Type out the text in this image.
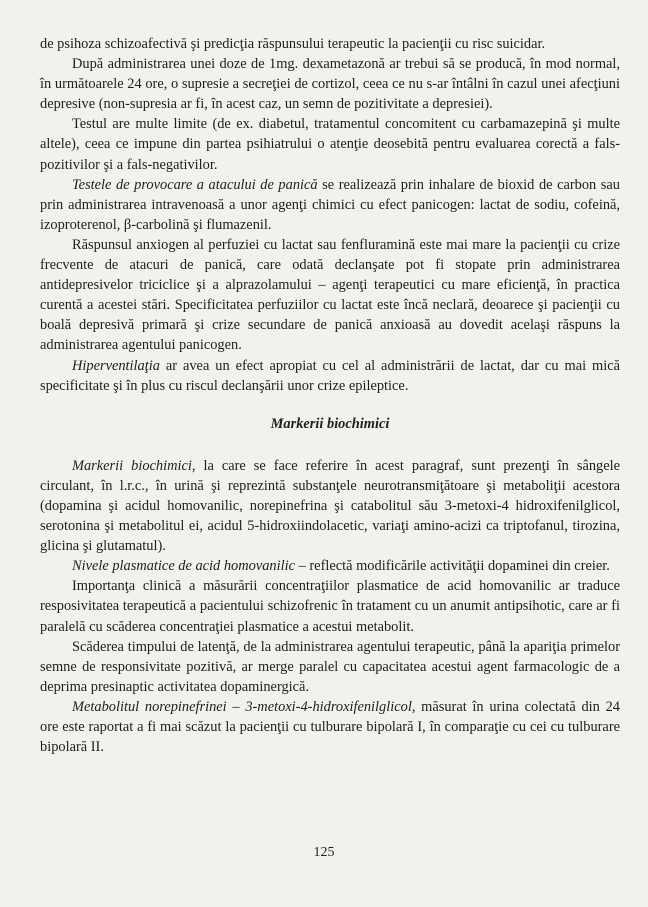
de psihoza schizoafectivă şi predicţia răspunsului terapeutic la pacienţii cu risc suicidar.

După administrarea unei doze de 1mg. dexametazonă ar trebui să se producă, în mod normal, în următoarele 24 ore, o supresie a secreţiei de cortizol, ceea ce nu s-ar întâlni în cazul unei afecţiuni depresive (non-supresia ar fi, în acest caz, un semn de pozitivitate a depresiei).

Testul are multe limite (de ex. diabetul, tratamentul concomitent cu carbamazepină şi multe altele), ceea ce impune din partea psihiatrului o atenţie deosebită pentru evaluarea corectă a fals-pozitivilor şi a fals-negativilor.

Testele de provocare a atacului de panică se realizează prin inhalare de bioxid de carbon sau prin administrarea intravenoasă a unor agenţi chimici cu efect panicogen: lactat de sodiu, cofeină, izoproterenol, β-carbolină şi flumazenil.

Răspunsul anxiogen al perfuziei cu lactat sau fenfluramină este mai mare la pacienţii cu crize frecvente de atacuri de panică, care odată declanşate pot fi stopate prin administrarea antidepresivelor triciclice şi a alprazolamului – agenţi terapeutici cu mare eficienţă, în practica curentă a acestei stări. Specificitatea perfuziilor cu lactat este încă neclară, deoarece şi pacienţii cu boală depresivă primară şi crize secundare de panică anxioasă au dovedit acelaşi răspuns la administrarea agentului panicogen.

Hiperventilaţia ar avea un efect apropiat cu cel al administrării de lactat, dar cu mai mică specificitate şi în plus cu riscul declanşării unor crize epileptice.

Markerii biochimici

Markerii biochimici, la care se face referire în acest paragraf, sunt prezenţi în sângele circulant, în l.r.c., în urină şi reprezintă substanţele neurotransmiţătoare şi metaboliţii acestora (dopamina şi acidul homovanilic, norepinefrina şi catabolitul său 3-metoxi-4 hidroxifenilglicol, serotonina şi metabolitul ei, acidul 5-hidroxiindolacetic, variaţi amino-acizi ca triptofanul, tirozina, glicina şi glutamatul).

Nivele plasmatice de acid homovanilic – reflectă modificările activităţii dopaminei din creier.

Importanţa clinică a măsurării concentraţiilor plasmatice de acid homovanilic ar traduce resposivitatea terapeutică a pacientului schizofrenic în tratament cu un anumit antipsihotic, care ar fi paralelă cu scăderea concentraţiei plasmatice a acestui metabolit.

Scăderea timpului de latenţă, de la administrarea agentului terapeutic, până la apariţia primelor semne de responsivitate pozitivă, ar merge paralel cu capacitatea acestui agent farmacologic de a deprima presinaptic activitatea dopaminergică.

Metabolitul norepinefrinei – 3-metoxi-4-hidroxifenilglicol, măsurat în urina colectată din 24 ore este raportat a fi mai scăzut la pacienţii cu tulburare bipolară I, în comparaţie cu cei cu tulburare bipolară II.

125
